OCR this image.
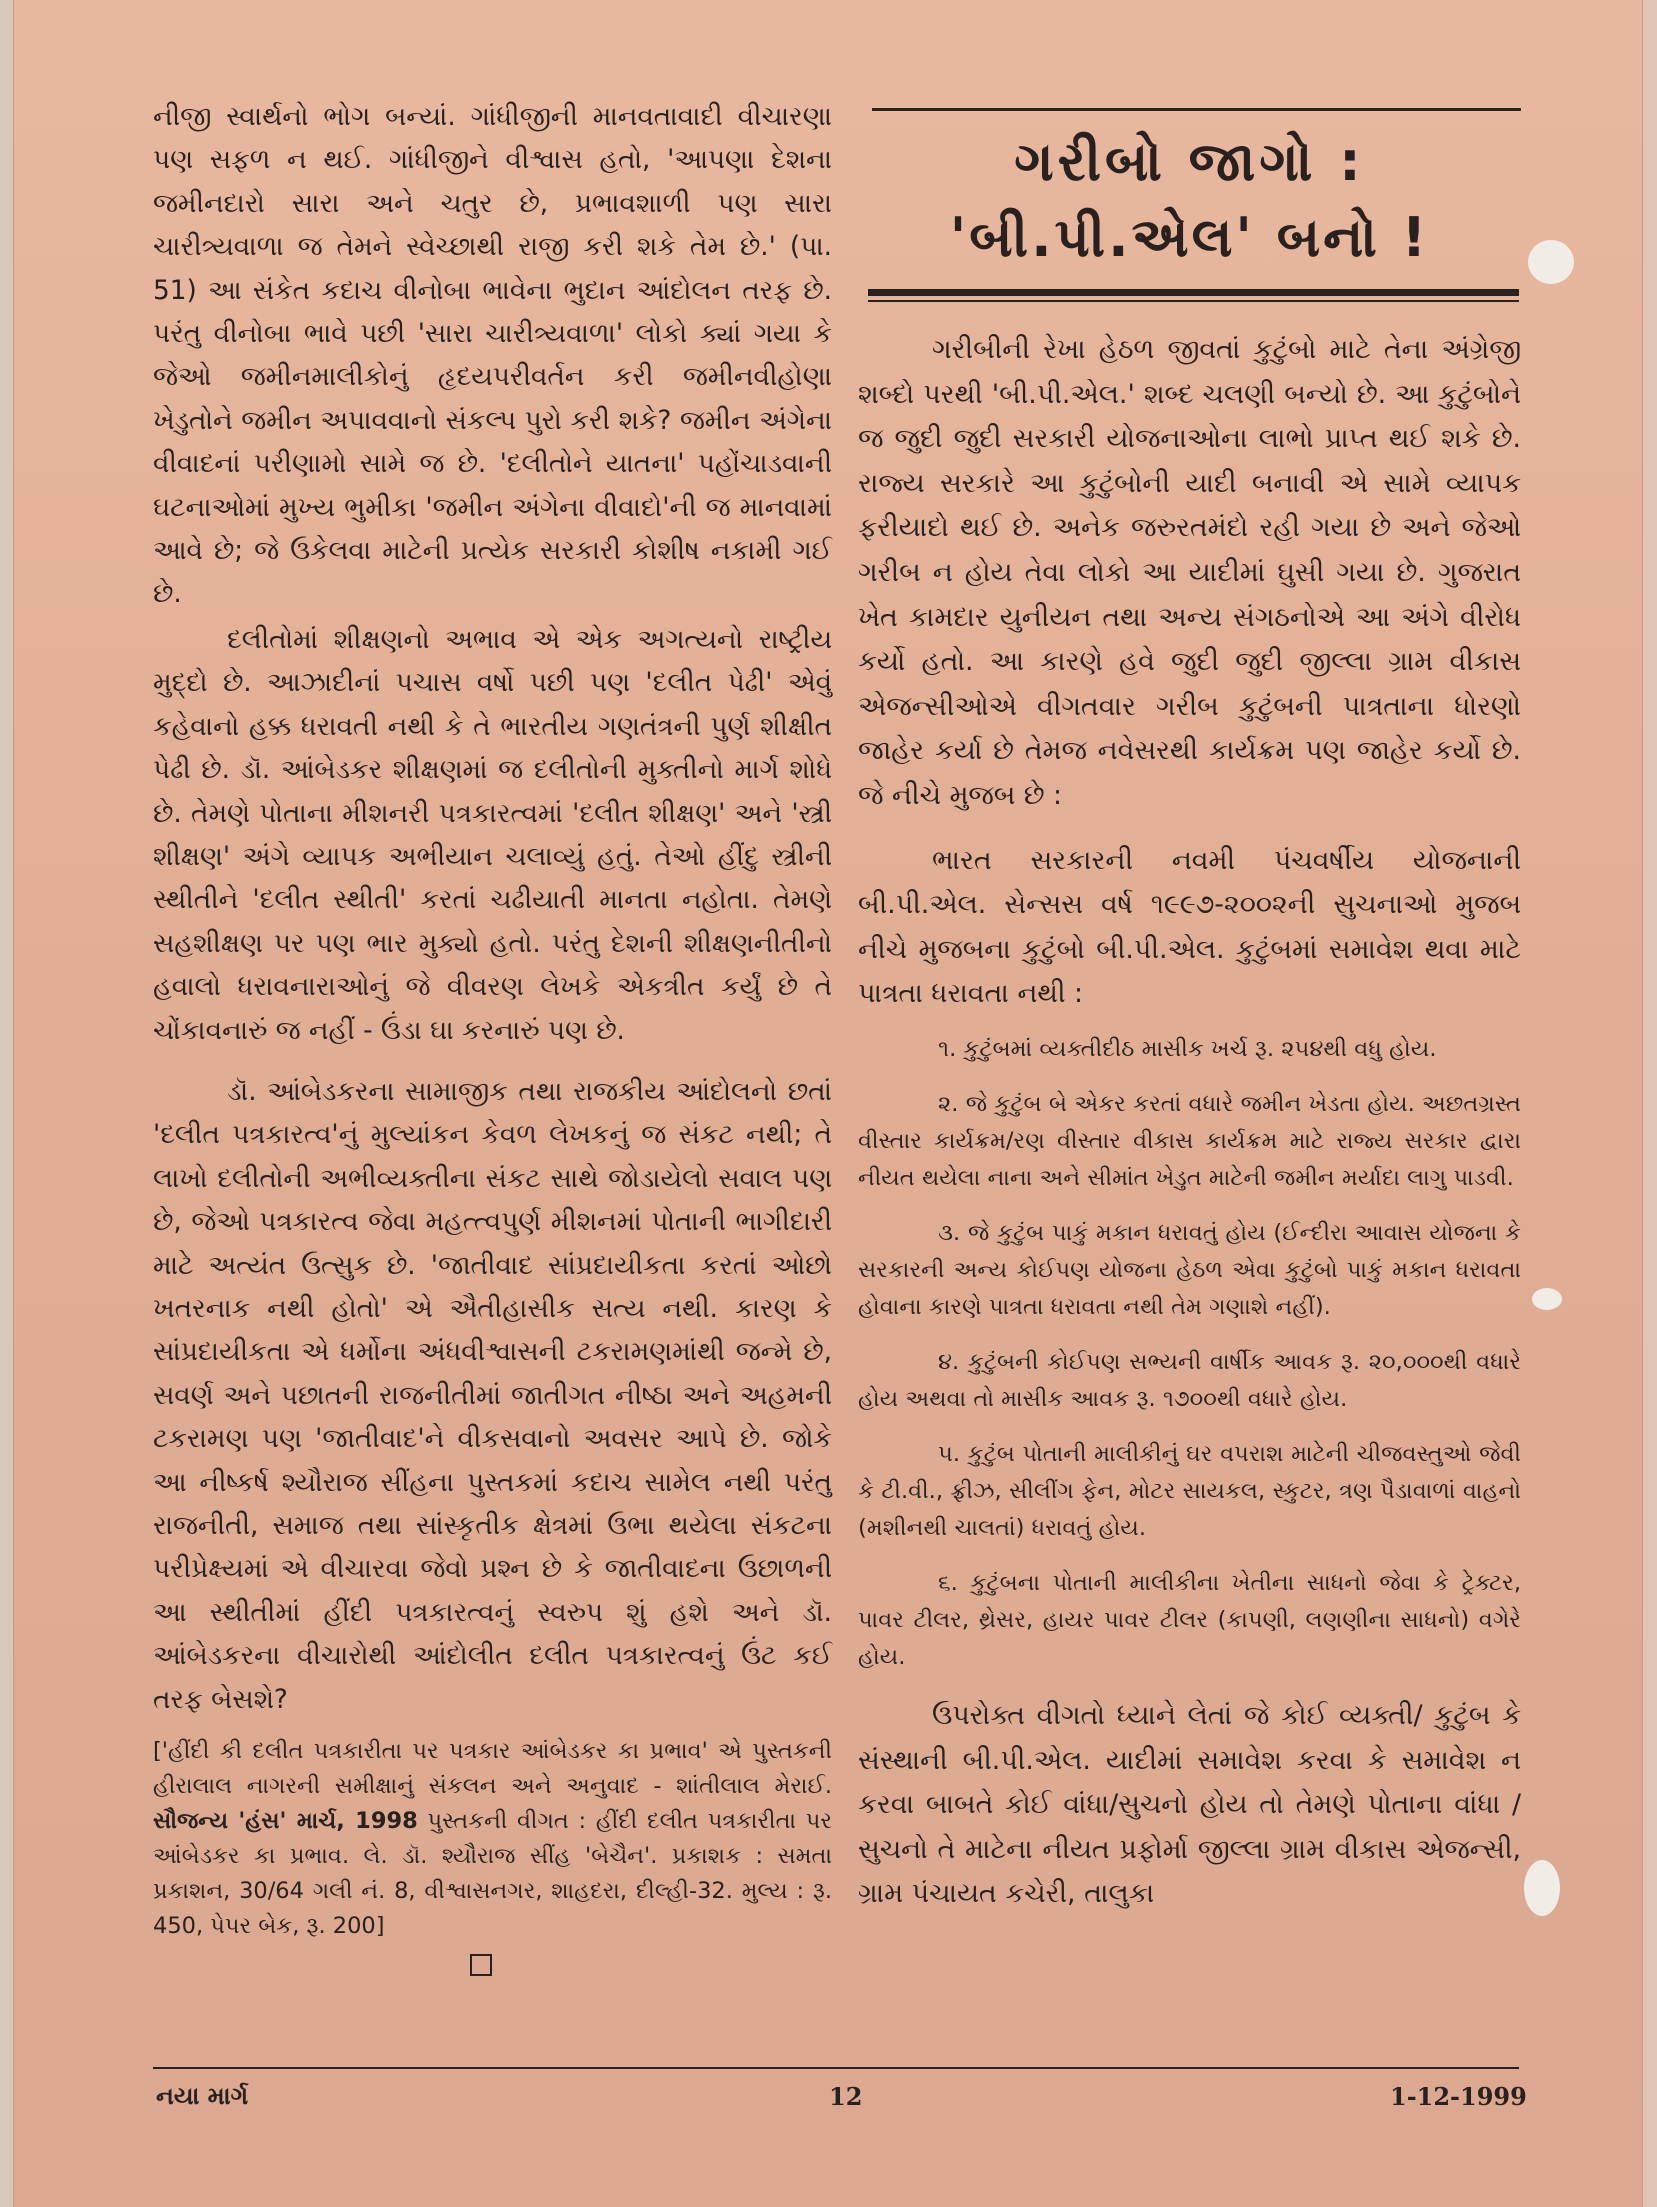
નીજી સ્વાર્થનો ભોગ બન્યાં. ગાંધીજીની માનવતાવાદી વીચારણા પણ સફળ ન થઈ. ગાંધીજીને વીશ્વાસ હતો, 'આપણા દેશના જમીનદારો સારા અને ચતુર છે, પ્રભાવશાળી પણ સારા ચારીત્ર્યવાળા જ તેમને સ્વેચ્છાથી રાજી કરી શકે તેમ છે.' (પા. 51) આ સંકેત કદાચ વીનોબા ભાવેના ભુદાન આંદોલન તરફ છે. પરંતુ વીનોબા ભાવે પછી 'સારા ચારીત્ર્યવાળા' લોકો ક્યાં ગયા કે જેઓ જમીનમાલીકોનું હૃદયપરીવર્તન કરી જમીનવીહોણા ખેડુતોને જમીન અપાવવાનો સંકલ્પ પુરો કરી શકે? જમીન અંગેના વીવાદનાં પરીણામો સામે જ છે. 'દલીતોને યાતના' પહોંચાડવાની ઘટનાઓમાં મુખ્ય ભુમીકા 'જમીન અંગેના વીવાદો'ની જ માનવામાં આવે છે; જે ઉકેલવા માટેની પ્રત્યેક સરકારી કોશીષ નકામી ગઈ છે.

દલીતોમાં શીક્ષણનો અભાવ એ એક અગત્યનો રાષ્ટ્રીય મુદ્દો છે. આઝાદીનાં પચાસ વર્ષો પછી પણ 'દલીત પેઢી' એવું કહેવાનો હક્ક ધરાવતી નથી કે તે ભારતીય ગણતંત્રની પુર્ણ શીક્ષીત પેઢી છે. ડૉ. આંબેડકર શીક્ષણમાં જ દલીતોની મુક્તીનો માર્ગ શોધે છે. તેમણે પોતાના મીશનરી પત્રકારત્વમાં 'દલીત શીક્ષણ' અને 'સ્ત્રી શીક્ષણ' અંગે વ્યાપક અભીયાન ચલાવ્યું હતું. તેઓ હીંદુ સ્ત્રીની સ્થીતીને 'દલીત સ્થીતી' કરતાં ચઢીયાતી માનતા નહોતા. તેમણે સહશીક્ષણ પર પણ ભાર મુક્યો હતો. પરંતુ દેશની શીક્ષણનીતીનો હવાલો ધરાવનારાઓનું જે વીવરણ લેખકે એકત્રીત કર્યું છે તે ચોંકાવનારું જ નહીં - ઉંડા ઘા કરનારું પણ છે.

ડૉ. આંબેડકરના સામાજીક તથા રાજકીય આંદોલનો છતાં 'દલીત પત્રકારત્વ'નું મુલ્યાંકન કેવળ લેખકનું જ સંકટ નથી; તે લાખો દલીતોની અભીવ્યક્તીના સંકટ સાથે જોડાયેલો સવાલ પણ છે, જેઓ પત્રકારત્વ જેવા મહત્ત્વપુર્ણ મીશનમાં પોતાની ભાગીદારી માટે અત્યંત ઉત્સુક છે. 'જાતીવાદ સાંપ્રદાયીકતા કરતાં ઓછો ખતરનાક નથી હોતો' એ ઐતીહાસીક સત્ય નથી. કારણ કે સાંપ્રદાયીકતા એ ધર્મોના અંધવીશ્વાસની ટકરામણમાંથી જન્મે છે, સવર્ણ અને પછાતની રાજનીતીમાં જાતીગત નીષ્ઠા અને અહમની ટકરામણ પણ 'જાતીવાદ'ને વીકસવાનો અવસર આપે છે. જોકે આ નીષ્કર્ષ શ્યૌરાજ સીંહના પુસ્તકમાં કદાચ સામેલ નથી પરંતુ રાજનીતી, સમાજ તથા સાંસ્કૃતીક ક્ષેત્રમાં ઉભા થયેલા સંકટના પરીપ્રેક્ષ્યમાં એ વીચારવા જેવો પ્રશ્ન છે કે જાતીવાદના ઉછાળની આ સ્થીતીમાં હીંદી પત્રકારત્વનું સ્વરુપ શું હશે અને ડૉ. આંબેડકરના વીચારોથી આંદોલીત દલીત પત્રકારત્વનું ઉંટ કઈ તરફ બેસશે?

['હીંદી કી દલીત પત્રકારીતા પર પત્રકાર આંબેડકર કા પ્રભાવ' એ પુસ્તકની હીરાલાલ નાગરની સમીક્ષાનું સંકલન અને અનુવાદ - શાંતીલાલ મેરાઈ. સૌજન્ય 'હંસ' માર્ચ, 1998 પુસ્તકની વીગત : હીંદી દલીત પત્રકારીતા પર આંબેડકર કા પ્રભાવ. લે. ડૉ. શ્યૌરાજ સીંહ 'બેચૈન'. પ્રકાશક : સમતા પ્રકાશન, 30/64 ગલી નં. 8, વીશ્વાસનગર, શાહદરા, દીલ્હી-32. મુલ્ય : રૂ. 450, પેપર બેક, રૂ. 200]
ગરીબો જાગો :
'બી.પી.એલ' બનો !

ગરીબીની રેખા હેઠળ જીવતાં કુટુંબો માટે તેના અંગ્રેજી શબ્દો પરથી 'બી.પી.એલ.' શબ્દ ચલણી બન્યો છે. આ કુટુંબોને જ જુદી જુદી સરકારી યોજનાઓના લાભો પ્રાપ્ત થઈ શકે છે. રાજ્ય સરકારે આ કુટુંબોની યાદી બનાવી એ સામે વ્યાપક ફરીયાદો થઈ છે. અનેક જરુરતમંદો રહી ગયા છે અને જેઓ ગરીબ ન હોય તેવા લોકો આ યાદીમાં ઘુસી ગયા છે. ગુજરાત ખેત કામદાર યુનીયન તથા અન્ય સંગઠનોએ આ અંગે વીરોધ કર્યો હતો. આ કારણે હવે જુદી જુદી જીલ્લા ગ્રામ વીકાસ એજન્સીઓએ વીગતવાર ગરીબ કુટુંબની પાત્રતાના ધોરણો જાહેર કર્યા છે તેમજ નવેસરથી કાર્યક્રમ પણ જાહેર કર્યો છે. જે નીચે મુજબ છે :

ભારત સરકારની નવમી પંચવર્ષીય યોજનાની બી.પી.એલ. સેન્સસ વર્ષ ૧૯૯૭-૨૦૦૨ની સુચનાઓ મુજબ નીચે મુજબના કુટુંબો બી.પી.એલ. કુટુંબમાં સમાવેશ થવા માટે પાત્રતા ધરાવતા નથી :

૧. કુટુંબમાં વ્યક્તીદીઠ માસીક ખર્ચ રૂ. ૨૫૪થી વધુ હોય.

૨. જે કુટુંબ બે એકર કરતાં વધારે જમીન ખેડતા હોય. અછતગ્રસ્ત વીસ્તાર કાર્યક્રમ/રણ વીસ્તાર વીકાસ કાર્યક્રમ માટે રાજ્ય સરકાર દ્વારા નીયત થયેલા નાના અને સીમાંત ખેડુત માટેની જમીન મર્યાદા લાગુ પાડવી.

૩. જે કુટુંબ પાકું મકાન ધરાવતું હોય (ઈન્દીરા આવાસ યોજના કે સરકારની અન્ય કોઈપણ યોજના હેઠળ એવા કુટુંબો પાકું મકાન ધરાવતા હોવાના કારણે પાત્રતા ધરાવતા નથી તેમ ગણાશે નહીં).

૪. કુટુંબની કોઈપણ સભ્યની વાર્ષીક આવક રૂ. ૨૦,૦૦૦થી વધારે હોય અથવા તો માસીક આવક રૂ. ૧૭૦૦થી વધારે હોય.

૫. કુટુંબ પોતાની માલીકીનું ઘર વપરાશ માટેની ચીજવસ્તુઓ જેવી કે ટી.વી., ફ્રીઝ, સીલીંગ ફેન, મોટર સાયકલ, સ્કુટર, ત્રણ પૈડાવાળાં વાહનો (મશીનથી ચાલતાં) ધરાવતું હોય.

૬. કુટુંબના પોતાની માલીકીના ખેતીના સાધનો જેવા કે ટ્રેક્ટર, પાવર ટીલર, થ્રેસર, હાયર પાવર ટીલર (કાપણી, લણણીના સાધનો) વગેરે હોય.

ઉપરોક્ત વીગતો ધ્યાને લેતાં જે કોઈ વ્યક્તી/ કુટુંબ કે સંસ્થાની બી.પી.એલ. યાદીમાં સમાવેશ કરવા કે સમાવેશ ન કરવા બાબતે કોઈ વાંધા/સુચનો હોય તો તેમણે પોતાના વાંધા /સુચનો તે માટેના નીયત પ્રફોર્મા જીલ્લા ગ્રામ વીકાસ એજન્સી, ગ્રામ પંચાયત કચેરી, તાલુકા

નયા માર્ગ	12	1-12-1999
